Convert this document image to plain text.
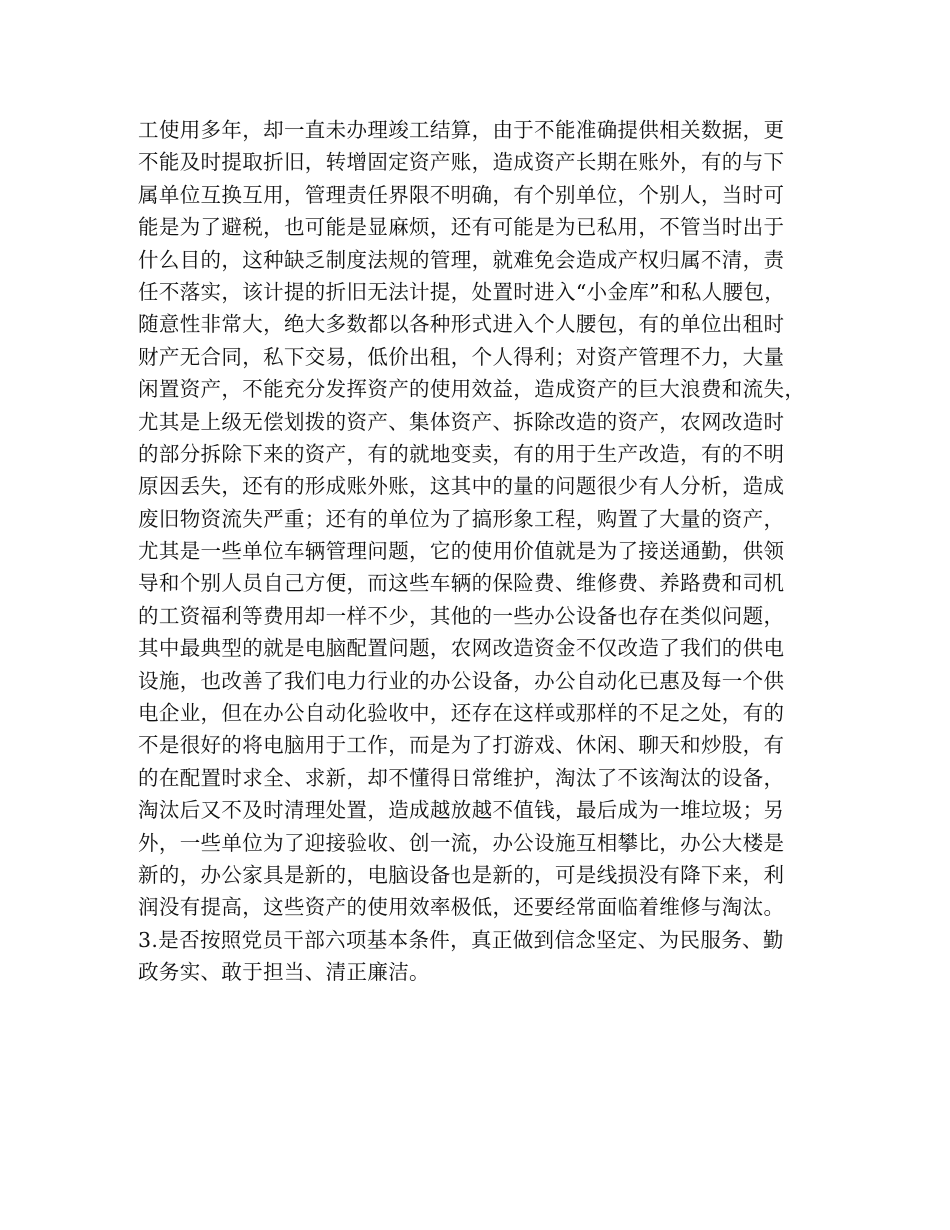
工使用多年，却一直未办理竣工结算，由于不能准确提供相关数据，更
不能及时提取折旧，转增固定资产账，造成资产长期在账外，有的与下
属单位互换互用，管理责任界限不明确，有个别单位，个别人，当时可
能是为了避税，也可能是显麻烦，还有可能是为已私用，不管当时出于
什么目的，这种缺乏制度法规的管理，就难免会造成产权归属不清，责
任不落实，该计提的折旧无法计提，处置时进入“小金库”和私人腰包，
随意性非常大，绝大多数都以各种形式进入个人腰包，有的单位出租时
财产无合同，私下交易，低价出租，个人得利；对资产管理不力，大量
闲置资产，不能充分发挥资产的使用效益，造成资产的巨大浪费和流失，
尤其是上级无偿划拨的资产、集体资产、拆除改造的资产，农网改造时
的部分拆除下来的资产，有的就地变卖，有的用于生产改造，有的不明
原因丢失，还有的形成账外账，这其中的量的问题很少有人分析，造成
废旧物资流失严重；还有的单位为了搞形象工程，购置了大量的资产，
尤其是一些单位车辆管理问题，它的使用价值就是为了接送通勤，供领
导和个别人员自己方便，而这些车辆的保险费、维修费、养路费和司机
的工资福利等费用却一样不少，其他的一些办公设备也存在类似问题，
其中最典型的就是电脑配置问题，农网改造资金不仅改造了我们的供电
设施，也改善了我们电力行业的办公设备，办公自动化已惠及每一个供
电企业，但在办公自动化验收中，还存在这样或那样的不足之处，有的
不是很好的将电脑用于工作，而是为了打游戏、休闲、聊天和炒股，有
的在配置时求全、求新，却不懂得日常维护，淘汰了不该淘汰的设备，
淘汰后又不及时清理处置，造成越放越不值钱，最后成为一堆垃圾；另
外，一些单位为了迎接验收、创一流，办公设施互相攀比，办公大楼是
新的，办公家具是新的，电脑设备也是新的，可是线损没有降下来，利
润没有提高，这些资产的使用效率极低，还要经常面临着维修与淘汰。
3.是否按照党员干部六项基本条件，真正做到信念坚定、为民服务、勤
政务实、敢于担当、清正廉洁。
